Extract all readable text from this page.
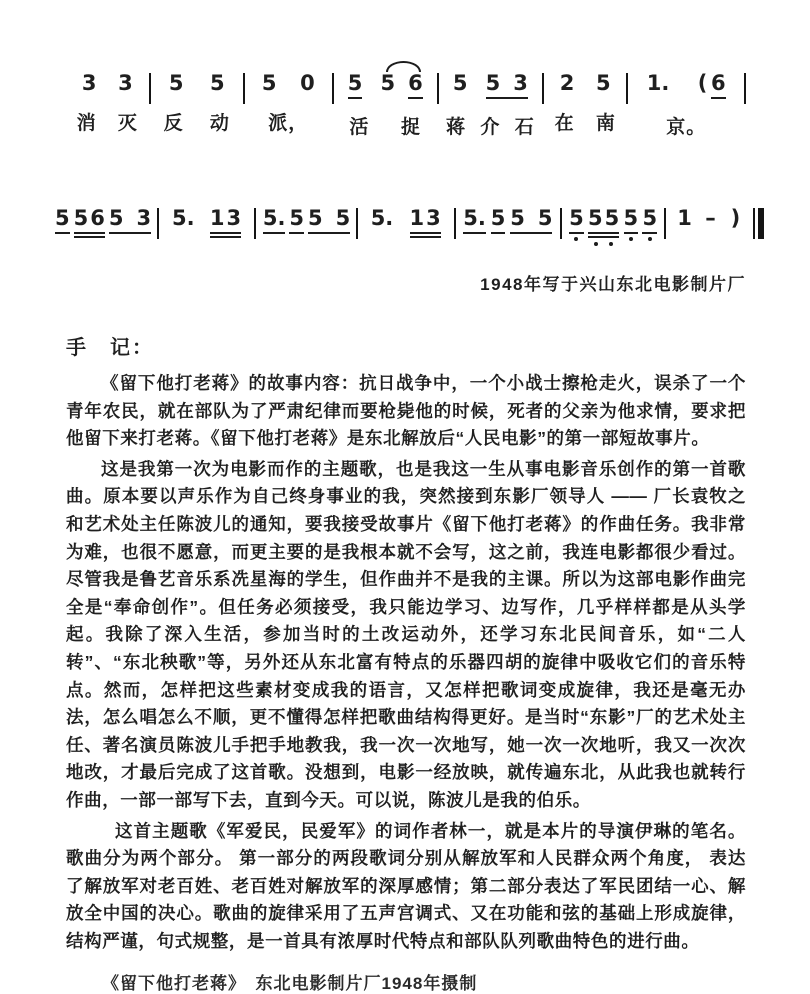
3 3
消 灭
5 5
反 动
5 0
派，
5 5 6
活 捉
5 5 3
蒋 介 石
2 5
在 南
1. ( 6
京。
5 5 6 5 3 5. 1 3 5. 5 5 5 5. 1 3 5. 5 5 5 5 5 5 5 5 1 – )
1948年写于兴山东北电影制片厂
手　记：

《留下他打老蒋》的故事内容：抗日战争中，一个小战士擦枪走火，误杀了一个青年农民，就在部队为了严肃纪律而要枪毙他的时候，死者的父亲为他求情，要求把他留下来打老蒋。《留下他打老蒋》是东北解放后“人民电影”的第一部短故事片。

这是我第一次为电影而作的主题歌，也是我这一生从事电影音乐创作的第一首歌曲。原本要以声乐作为自己终身事业的我，突然接到东影厂领导人 —— 厂长袁牧之和艺术处主任陈波儿的通知，要我接受故事片《留下他打老蒋》的作曲任务。我非常为难，也很不愿意，而更主要的是我根本就不会写，这之前，我连电影都很少看过。尽管我是鲁艺音乐系冼星海的学生，但作曲并不是我的主课。所以为这部电影作曲完全是“奉命创作”。但任务必须接受，我只能边学习、边写作，几乎样样都是从头学起。我除了深入生活，参加当时的土改运动外，还学习东北民间音乐，如“二人转”、“东北秧歌”等，另外还从东北富有特点的乐器四胡的旋律中吸收它们的音乐特点。然而，怎样把这些素材变成我的语言，又怎样把歌词变成旋律，我还是毫无办法，怎么唱怎么不顺，更不懂得怎样把歌曲结构得更好。是当时“东影”厂的艺术处主任、著名演员陈波儿手把手地教我，我一次一次地写，她一次一次地听，我又一次次地改，才最后完成了这首歌。没想到，电影一经放映，就传遍东北，从此我也就转行作曲，一部一部写下去，直到今天。可以说，陈波儿是我的伯乐。

这首主题歌《军爱民，民爱军》的词作者林一，就是本片的导演伊琳的笔名。歌曲分为两个部分。 第一部分的两段歌词分别从解放军和人民群众两个角度， 表达了解放军对老百姓、老百姓对解放军的深厚感情；第二部分表达了军民团结一心、解放全中国的决心。歌曲的旋律采用了五声宫调式、又在功能和弦的基础上形成旋律，结构严谨，句式规整，是一首具有浓厚时代特点和部队队列歌曲特色的进行曲。

《留下他打老蒋》　东北电影制片厂1948年摄制
